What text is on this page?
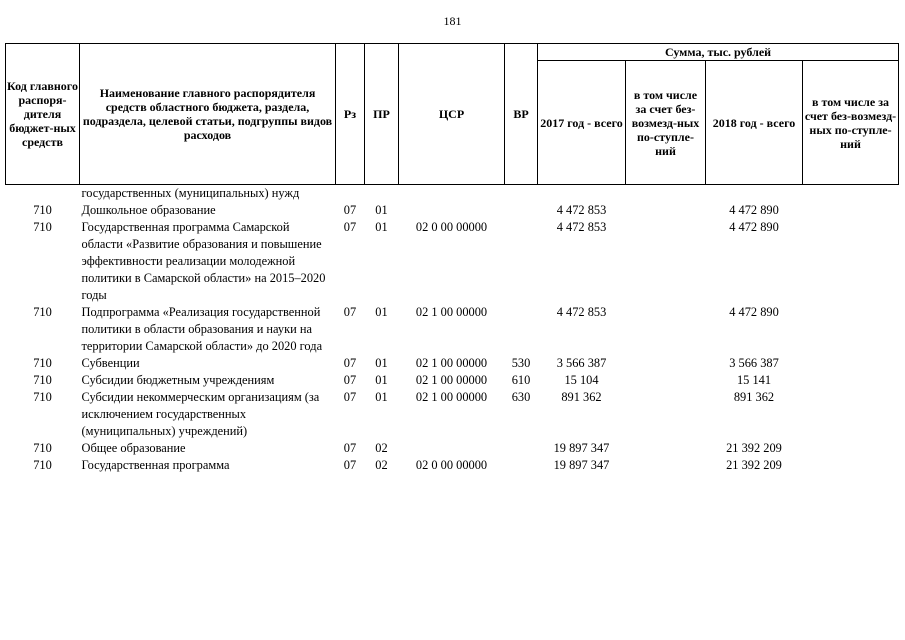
181
Код главного распоря-дителя бюджет-ных средств	Наименование главного распорядителя средств областного бюджета, раздела, подраздела, целевой статьи, подгруппы видов расходов	Рз	ПР	ЦСР	ВР	Сумма, тыс. рублей			
						2017 год - всего	в том числе за счет без-возмезд-ных по-ступле-ний	2018 год - всего	в том числе за счет без-возмезд-ных по-ступле-ний
	государственных (муниципальных) нужд								
710	Дошкольное образование	07	01			4 472 853		4 472 890	
710	Государственная программа Самарской области «Развитие образования и повышение эффективности реализации молодежной политики в Самарской области» на 2015–2020 годы	07	01	02 0 00 00000		4 472 853		4 472 890	
710	Подпрограмма «Реализация государственной политики в области образования и науки на территории Самарской области» до 2020 года	07	01	02 1 00 00000		4 472 853		4 472 890	
710	Субвенции	07	01	02 1 00 00000	530	3 566 387		3 566 387	
710	Субсидии бюджетным учреждениям	07	01	02 1 00 00000	610	15 104		15 141	
710	Субсидии некоммерческим организациям (за исключением государственных (муниципальных) учреждений)	07	01	02 1 00 00000	630	891 362		891 362	
710	Общее образование	07	02			19 897 347		21 392 209	
710	Государственная программа	07	02	02 0 00 00000		19 897 347		21 392 209	
